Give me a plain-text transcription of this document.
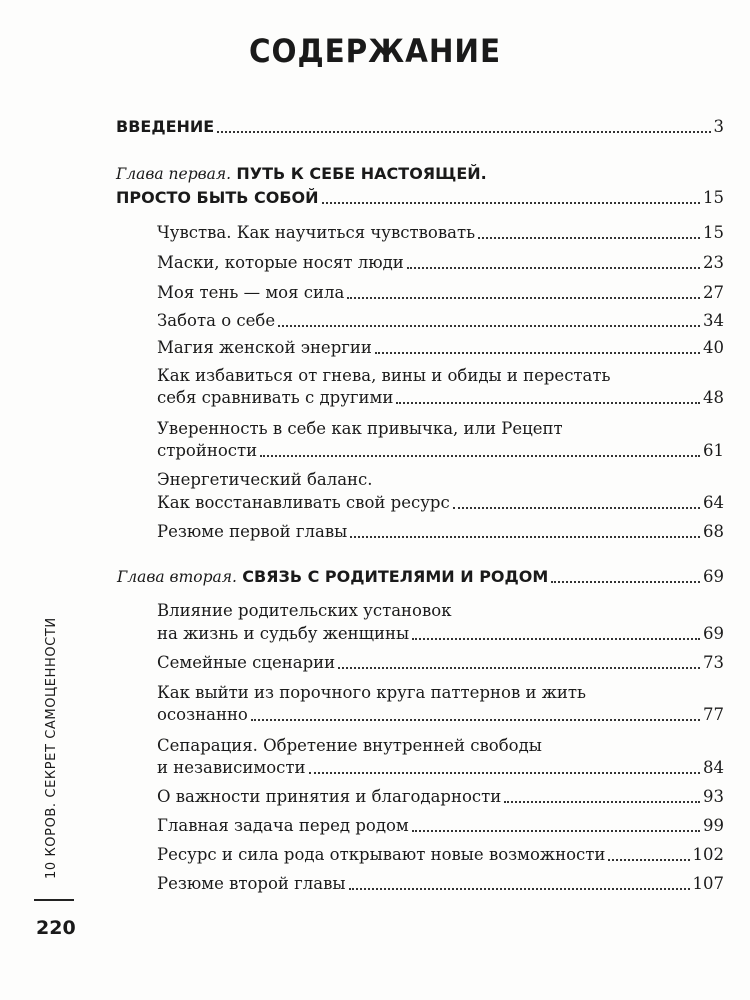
СОДЕРЖАНИЕ
ВВЕДЕНИЕ	3
Глава первая. ПУТЬ К СЕБЕ НАСТОЯЩЕЙ.
ПРОСТО БЫТЬ СОБОЙ	15
Чувства. Как научиться чувствовать	15
Маски, которые носят люди	23
Моя тень — моя сила	27
Забота о себе	34
Магия женской энергии	40
Как избавиться от гнева, вины и обиды и перестать
себя сравнивать с другими	48
Уверенность в себе как привычка, или Рецепт
стройности	61
Энергетический баланс.
Как восстанавливать свой ресурс	64
Резюме первой главы	68
Глава вторая. СВЯЗЬ С РОДИТЕЛЯМИ И РОДОМ	69
Влияние родительских установок
на жизнь и судьбу женщины	69
Семейные сценарии	73
Как выйти из порочного круга паттернов и жить
осознанно	77
Сепарация. Обретение внутренней свободы
и независимости	84
О важности принятия и благодарности	93
Главная задача перед родом	99
Ресурс и сила рода открывают новые возможности	102
Резюме второй главы	107
10 КОРОВ. СЕКРЕТ САМОЦЕННОСТИ
220
